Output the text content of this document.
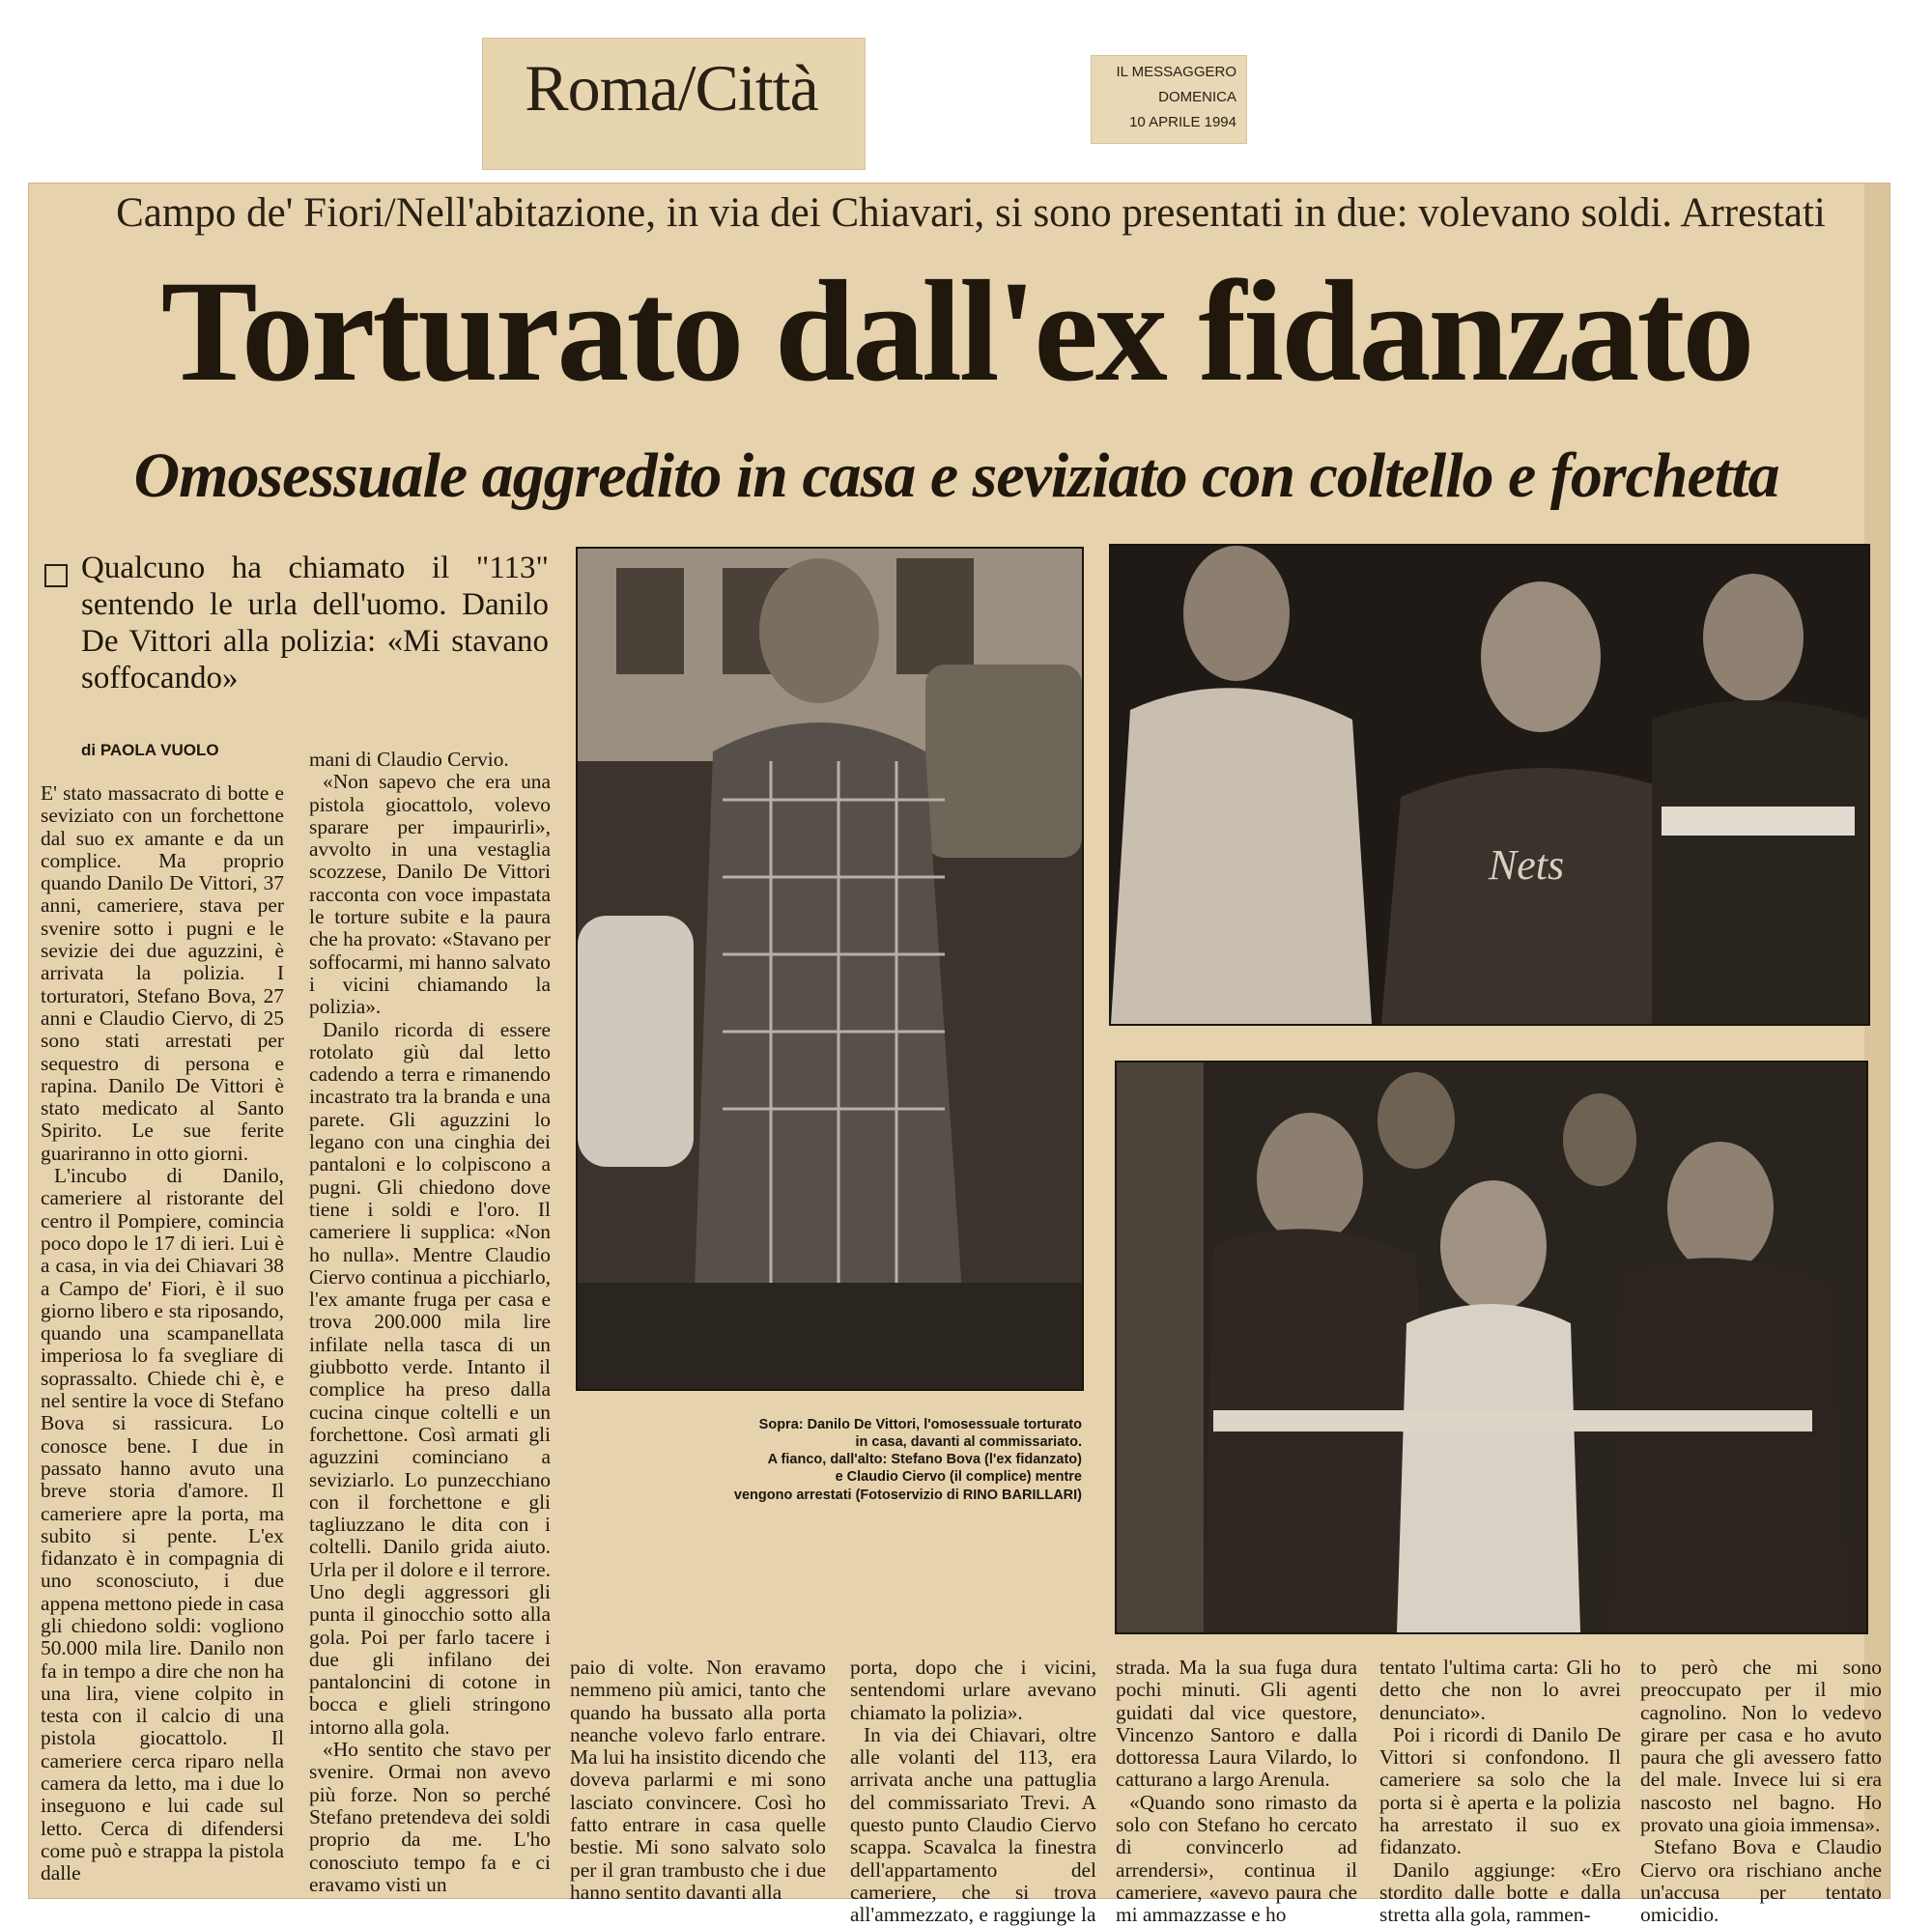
Roma/Città	IL MESSAGGERO
DOMENICA
10 APRILE 1994
Campo de' Fiori/Nell'abitazione, in via dei Chiavari, si sono presentati in due: volevano soldi. Arrestati
Torturato dall'ex fidanzato
Omosessuale aggredito in casa e seviziato con coltello e forchetta
Qualcuno ha chiamato il "113" sentendo le urla dell'uomo. Danilo De Vittori alla polizia: «Mi stavano soffocando»
di PAOLA VUOLO

E' stato massacrato di botte e seviziato con un forchettone dal suo ex amante e da un complice. Ma proprio quando Danilo De Vittori, 37 anni, cameriere, stava per svenire sotto i pugni e le sevizie dei due aguzzini, è arrivata la polizia. I torturatori, Stefano Bova, 27 anni e Claudio Ciervo, di 25 sono stati arrestati per sequestro di persona e rapina. Danilo De Vittori è stato medicato al Santo Spirito. Le sue ferite guariranno in otto giorni.

L'incubo di Danilo, cameriere al ristorante del centro il Pompiere, comincia poco dopo le 17 di ieri. Lui è a casa, in via dei Chiavari 38 a Campo de' Fiori, è il suo giorno libero e sta riposando, quando una scampanellata imperiosa lo fa svegliare di soprassalto. Chiede chi è, e nel sentire la voce di Stefano Bova si rassicura. Lo conosce bene. I due in passato hanno avuto una breve storia d'amore. Il cameriere apre la porta, ma subito si pente. L'ex fidanzato è in compagnia di uno sconosciuto, i due appena mettono piede in casa gli chiedono soldi: vogliono 50.000 mila lire. Danilo non fa in tempo a dire che non ha una lira, viene colpito in testa con il calcio di una pistola giocattolo. Il cameriere cerca riparo nella camera da letto, ma i due lo inseguono e lui cade sul letto. Cerca di difendersi come può e strappa la pistola dalle

mani di Claudio Cervio.

«Non sapevo che era una pistola giocattolo, volevo sparare per impaurirli», avvolto in una vestaglia scozzese, Danilo De Vittori racconta con voce impastata le torture subite e la paura che ha provato: «Stavano per soffocarmi, mi hanno salvato i vicini chiamando la polizia».

Danilo ricorda di essere rotolato giù dal letto cadendo a terra e rimanendo incastrato tra la branda e una parete. Gli aguzzini lo legano con una cinghia dei pantaloni e lo colpiscono a pugni. Gli chiedono dove tiene i soldi e l'oro. Il cameriere li supplica: «Non ho nulla». Mentre Claudio Ciervo continua a picchiarlo, l'ex amante fruga per casa e trova 200.000 mila lire infilate nella tasca di un giubbotto verde. Intanto il complice ha preso dalla cucina cinque coltelli e un forchettone. Così armati gli aguzzini cominciano a seviziarlo. Lo punzecchiano con il forchettone e gli tagliuzzano le dita con i coltelli. Danilo grida aiuto. Urla per il dolore e il terrore. Uno degli aggressori gli punta il ginocchio sotto alla gola. Poi per farlo tacere i due gli infilano dei pantaloncini di cotone in bocca e glieli stringono intorno alla gola.

«Ho sentito che stavo per svenire. Ormai non avevo più forze. Non so perché Stefano pretendeva dei soldi proprio da me. L'ho conosciuto tempo fa e ci eravamo visti un

paio di volte. Non eravamo nemmeno più amici, tanto che quando ha bussato alla porta neanche volevo farlo entrare. Ma lui ha insistito dicendo che doveva parlarmi e mi sono lasciato convincere. Così ho fatto entrare in casa quelle bestie. Mi sono salvato solo per il gran trambusto che i due hanno sentito davanti alla

porta, dopo che i vicini, sentendomi urlare avevano chiamato la polizia».

In via dei Chiavari, oltre alle volanti del 113, era arrivata anche una pattuglia del commissariato Trevi. A questo punto Claudio Ciervo scappa. Scavalca la finestra dell'appartamento del cameriere, che si trova all'ammezzato, e raggiunge la

strada. Ma la sua fuga dura pochi minuti. Gli agenti guidati dal vice questore, Vincenzo Santoro e dalla dottoressa Laura Vilardo, lo catturano a largo Arenula.

«Quando sono rimasto da solo con Stefano ho cercato di convincerlo ad arrendersi», continua il cameriere, «avevo paura che mi ammazzasse e ho

tentato l'ultima carta: Gli ho detto che non lo avrei denunciato».

Poi i ricordi di Danilo De Vittori si confondono. Il cameriere sa solo che la porta si è aperta e la polizia ha arrestato il suo ex fidanzato.

Danilo aggiunge: «Ero stordito dalle botte e dalla stretta alla gola, rammen-

to però che mi sono preoccupato per il mio cagnolino. Non lo vedevo girare per casa e ho avuto paura che gli avessero fatto del male. Invece lui si era nascosto nel bagno. Ho provato una gioia immensa».

Stefano Bova e Claudio Ciervo ora rischiano anche un'accusa per tentato omicidio.

Nets
Sopra: Danilo De Vittori, l'omosessuale torturato
in casa, davanti al commissariato.
A fianco, dall'alto: Stefano Bova (l'ex fidanzato)
e Claudio Ciervo (il complice) mentre
vengono arrestati (Fotoservizio di RINO BARILLARI)
